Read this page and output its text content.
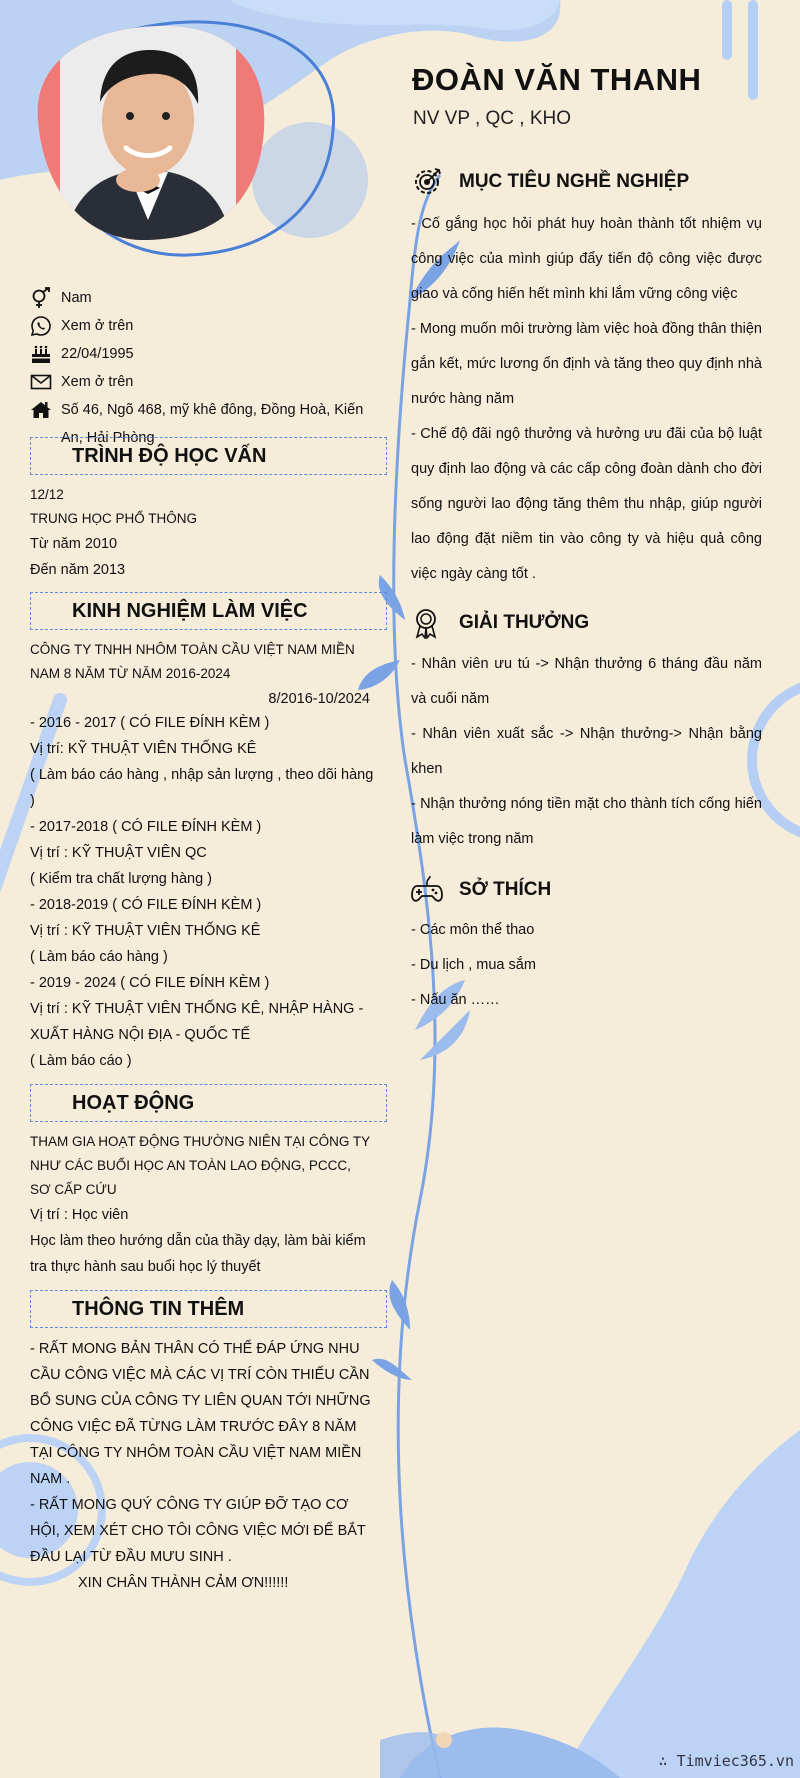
ĐOÀN VĂN THANH
NV VP , QC , KHO
Nam
Xem ở trên
22/04/1995
Xem ở trên
Số 46, Ngõ 468, mỹ khê đông, Đồng Hoà, Kiến An, Hải Phòng
TRÌNH ĐỘ HỌC VẤN
12/12
TRUNG HỌC PHỔ THÔNG
Từ năm 2010
Đến năm 2013
KINH NGHIỆM LÀM VIỆC
CÔNG TY TNHH NHÔM TOÀN CẦU VIỆT NAM MIỀN NAM 8 NĂM TỪ NĂM 2016-2024
8/2016-10/2024
- 2016 - 2017 ( CÓ FILE ĐÍNH KÈM )
Vị trí: KỸ THUẬT VIÊN THỐNG KÊ
( Làm báo cáo hàng , nhập sản lượng , theo dõi hàng )
- 2017-2018 ( CÓ FILE ĐÍNH KÈM )
Vị trí : KỸ THUẬT VIÊN QC
( Kiểm tra chất lượng hàng )
- 2018-2019 ( CÓ FILE ĐÍNH KÈM )
Vị trí : KỸ THUẬT VIÊN THỐNG KÊ
( Làm báo cáo hàng )
- 2019 - 2024 ( CÓ FILE ĐÍNH KÈM )
Vị trí : KỸ THUẬT VIÊN THỐNG KÊ, NHẬP HÀNG - XUẤT HÀNG NỘI ĐỊA - QUỐC TẾ
( Làm báo cáo )
HOẠT ĐỘNG
THAM GIA HOẠT ĐỘNG THƯỜNG NIÊN TẠI CÔNG TY NHƯ CÁC BUỔI HỌC AN TOÀN LAO ĐỘNG, PCCC, SƠ CẤP CỨU
Vị trí : Học viên
Học làm theo hướng dẫn của thầy dạy, làm bài kiểm tra thực hành sau buổi học lý thuyết
THÔNG TIN THÊM
- RẤT MONG BẢN THÂN CÓ THỂ ĐÁP ỨNG NHU CẦU CÔNG VIỆC MÀ CÁC VỊ TRÍ CÒN THIẾU CẦN BỔ SUNG CỦA CÔNG TY LIÊN QUAN TỚI NHỮNG CÔNG VIỆC ĐÃ TỪNG LÀM TRƯỚC ĐÂY 8 NĂM TẠI CÔNG TY NHÔM TOÀN CẦU VIỆT NAM MIỀN NAM .
- RẤT MONG QUÝ CÔNG TY GIÚP ĐỠ TẠO CƠ HỘI, XEM XÉT CHO TÔI CÔNG VIỆC MỚI ĐỂ BẮT ĐẦU LẠI TỪ ĐẦU MƯU SINH .
XIN CHÂN THÀNH CẢM ƠN!!!!!!
MỤC TIÊU NGHỀ NGHIỆP
- Cố gắng học hỏi phát huy hoàn thành tốt nhiệm vụ công việc của mình giúp đẩy tiến độ công việc được giao và cống hiến hết mình khi lắm vững công việc
- Mong muốn môi trường làm việc hoà đồng thân thiện gắn kết, mức lương ổn định và tăng theo quy định nhà nước hàng năm
- Chế độ đãi ngộ thưởng và hưởng ưu đãi của bộ luật quy định lao động và các cấp công đoàn dành cho đời sống người lao động tăng thêm thu nhập, giúp người lao động đặt niềm tin vào công ty và hiệu quả công việc ngày càng tốt .
GIẢI THƯỞNG
- Nhân viên ưu tú -> Nhận thưởng 6 tháng đầu năm và cuối năm
- Nhân viên xuất sắc -> Nhận thưởng-> Nhận bằng khen
- Nhận thưởng nóng tiền mặt cho thành tích cống hiến làm việc trong năm
SỞ THÍCH
- Các môn thể thao
- Du lịch , mua sắm
- Nấu ăn ……
∴ Timviec365.vn
